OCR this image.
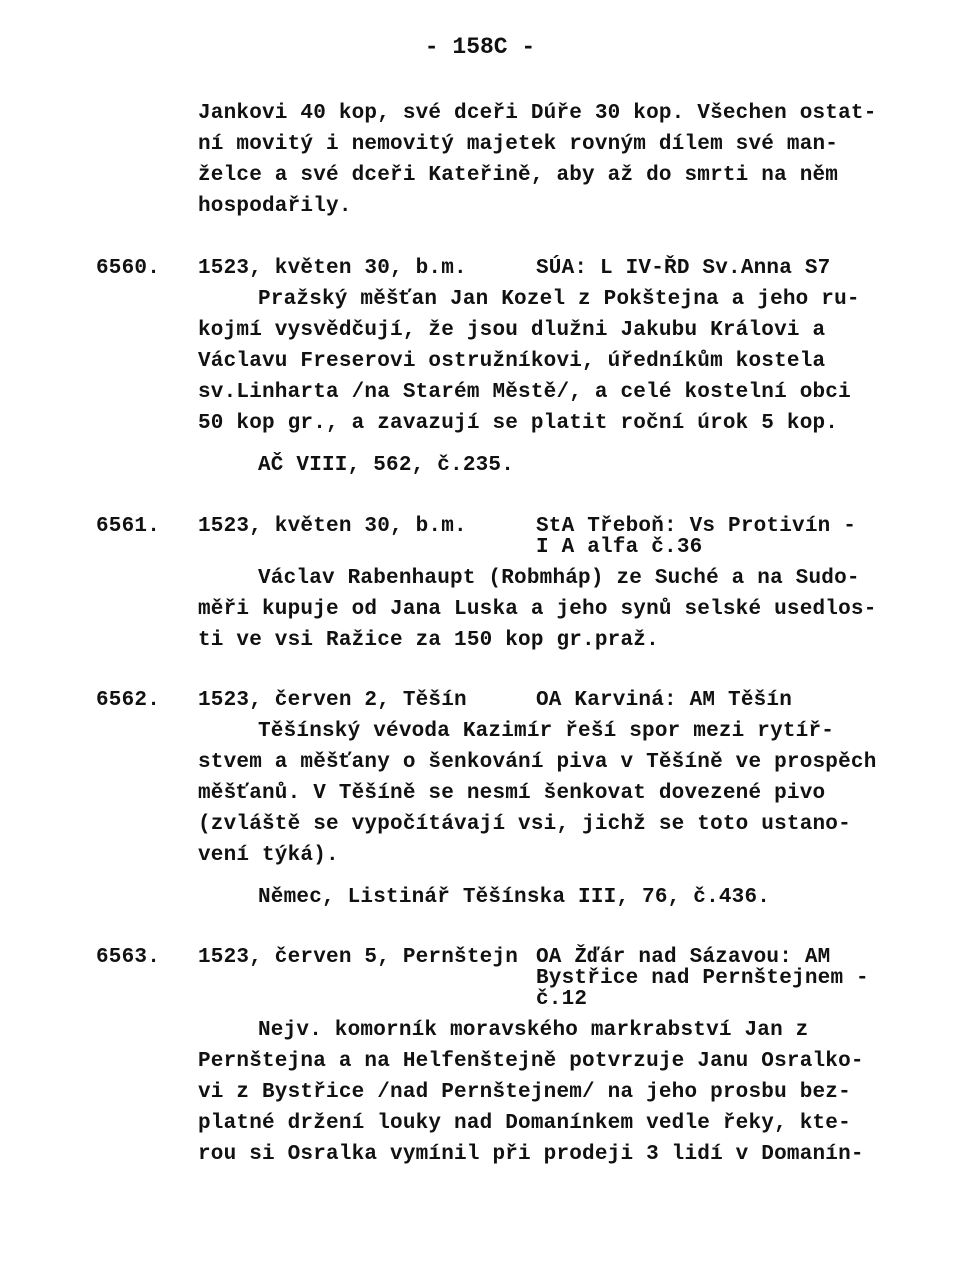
- 158C -
Jankovi 40 kop, své dceři Dúře 30 kop. Všechen ostat-
ní movitý i nemovitý majetek rovným dílem své man-
želce a své dceři Kateřině, aby až do smrti na něm
hospodařily.
6560. 1523, květen 30, b.m.	SÚA: L IV-ŘD Sv.Anna S7
Pražský měšťan Jan Kozel z Pokštejna a jeho ru-
kojmí vysvědčují, že jsou dlužni Jakubu Královi a
Václavu Freserovi ostružníkovi, úředníkům kostela
sv.Linharta /na Starém Městě/, a celé kostelní obci
50 kop gr., a zavazují se platit roční úrok 5 kop.
AČ VIII, 562, č.235.
6561. 1523, květen 30, b.m.	StA Třeboň: Vs Protivín -
I A alfa č.36
Václav Rabenhaupt (Robmháp) ze Suché a na Sudo-
měři kupuje od Jana Luska a jeho synů selské usedlos-
ti ve vsi Ražice za 150 kop gr.praž.
6562. 1523, červen 2, Těšín	OA Karviná: AM Těšín
Těšínský vévoda Kazimír řeší spor mezi rytíř-
stvem a měšťany o šenkování piva v Těšíně ve prospěch
měšťanů. V Těšíně se nesmí šenkovat dovezené pivo
(zvláště se vypočítávají vsi, jichž se toto ustano-
vení týká).
Němec, Listinář Těšínska III, 76, č.436.
6563. 1523, červen 5, Pernštejn OA Žďár nad Sázavou: AM
Bystřice nad Pernštejnem -
č.12
Nejv. komorník moravského markrabství Jan z
Pernštejna a na Helfenštejně potvrzuje Janu Osralko-
vi z Bystřice /nad Pernštejnem/ na jeho prosbu bez-
platné držení louky nad Domanínkem vedle řeky, kte-
rou si Osralka vymínil při prodeji 3 lidí v Domanín-
